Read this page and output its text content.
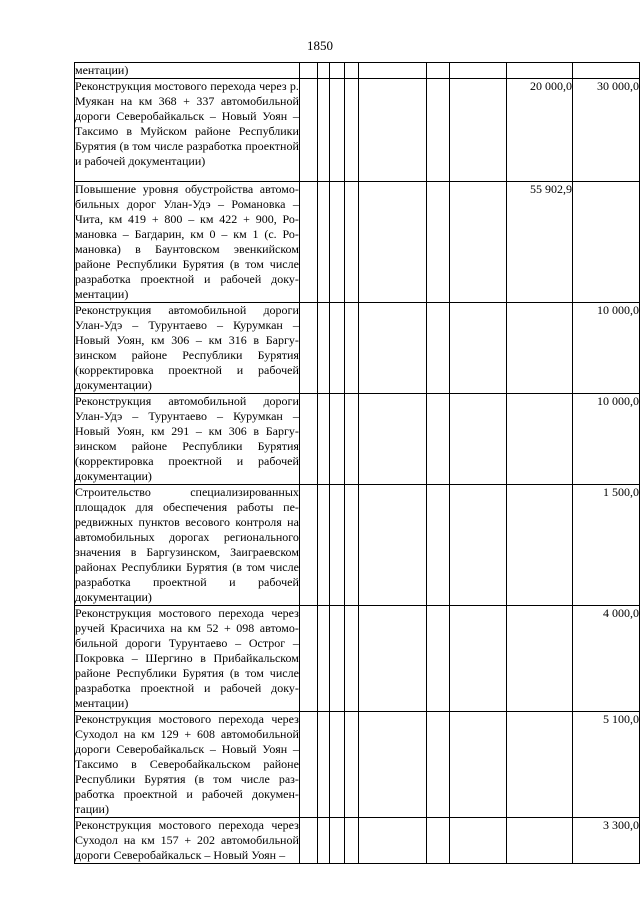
1850
ментации)									
Реконструкция мостового перехода через р. Муякан на км 368 + 337 автомобильной дороги Северобайкальск – Новый Уоян –Таксимо в Муйском районе Республики Бурятия (в том числе разработка проектной и рабочей документации)								20 000,0	30 000,0
Повышение уровня обустройства автомобильных дорог Улан-Удэ – Романовка – Чита, км 419 + 800 – км 422 + 900, Романовка – Багдарин, км 0 – км 1 (с. Романовка) в Баунтовском эвенкийском районе Республики Бурятия (в том числе разработка проектной и рабочей документации)								55 902,9	
Реконструкция автомобильной дороги Улан-Удэ – Турунтаево – Курумкан – Новый Уоян, км 306 – км 316 в Баргузинском районе Республики Бурятия (корректировка проектной и рабочей документации)									10 000,0
Реконструкция автомобильной дороги Улан-Удэ – Турунтаево – Курумкан – Новый Уоян, км 291 – км 306 в Баргузинском районе Республики Бурятия (корректировка проектной и рабочей документации)									10 000,0
Строительство специализированных площадок для обеспечения работы передвижных пунктов весового контроля на автомобильных дорогах регионального значения в Баргузинском, Заиграевском районах Республики Бурятия (в том числе разработка проектной и рабочей документации)									1 500,0
Реконструкция мостового перехода через ручей Красичиха на км 52 + 098 автомобильной дороги Турунтаево – Острог – Покровка – Шергино в Прибайкальском районе Республики Бурятия (в том числе разработка проектной и рабочей документации)									4 000,0
Реконструкция мостового перехода через Суходол на км 129 + 608 автомобильной дороги Северобайкальск – Новый Уоян – Таксимо в Северобайкальском районе Республики Бурятия (в том числе разработка проектной и рабочей документации)									5 100,0
Реконструкция мостового перехода через Суходол на км 157 + 202 автомобильной дороги Северобайкальск – Новый Уоян –									3 300,0
